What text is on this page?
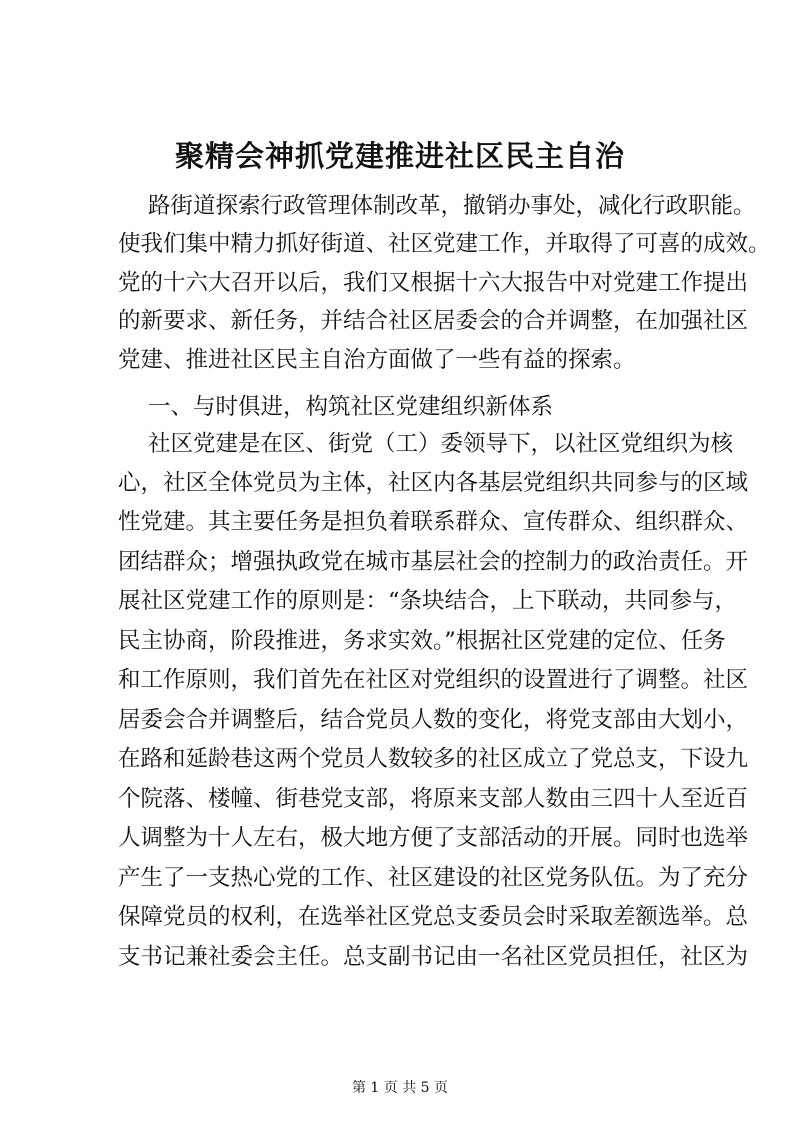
聚精会神抓党建推进社区民主自治
路街道探索行政管理体制改革，撤销办事处，减化行政职能。
使我们集中精力抓好街道、社区党建工作，并取得了可喜的成效。
党的十六大召开以后，我们又根据十六大报告中对党建工作提出
的新要求、新任务，并结合社区居委会的合并调整，在加强社区
党建、推进社区民主自治方面做了一些有益的探索。
一、与时俱进，构筑社区党建组织新体系
社区党建是在区、街党（工）委领导下，以社区党组织为核
心，社区全体党员为主体，社区内各基层党组织共同参与的区域
性党建。其主要任务是担负着联系群众、宣传群众、组织群众、
团结群众；增强执政党在城市基层社会的控制力的政治责任。开
展社区党建工作的原则是：“条块结合，上下联动，共同参与，
民主协商，阶段推进，务求实效。”根据社区党建的定位、任务
和工作原则，我们首先在社区对党组织的设置进行了调整。社区
居委会合并调整后，结合党员人数的变化，将党支部由大划小，
在路和延龄巷这两个党员人数较多的社区成立了党总支，下设九
个院落、楼幢、街巷党支部，将原来支部人数由三四十人至近百
人调整为十人左右，极大地方便了支部活动的开展。同时也选举
产生了一支热心党的工作、社区建设的社区党务队伍。为了充分
保障党员的权利，在选举社区党总支委员会时采取差额选举。总
支书记兼社委会主任。总支副书记由一名社区党员担任，社区为
第 1 页 共 5 页
